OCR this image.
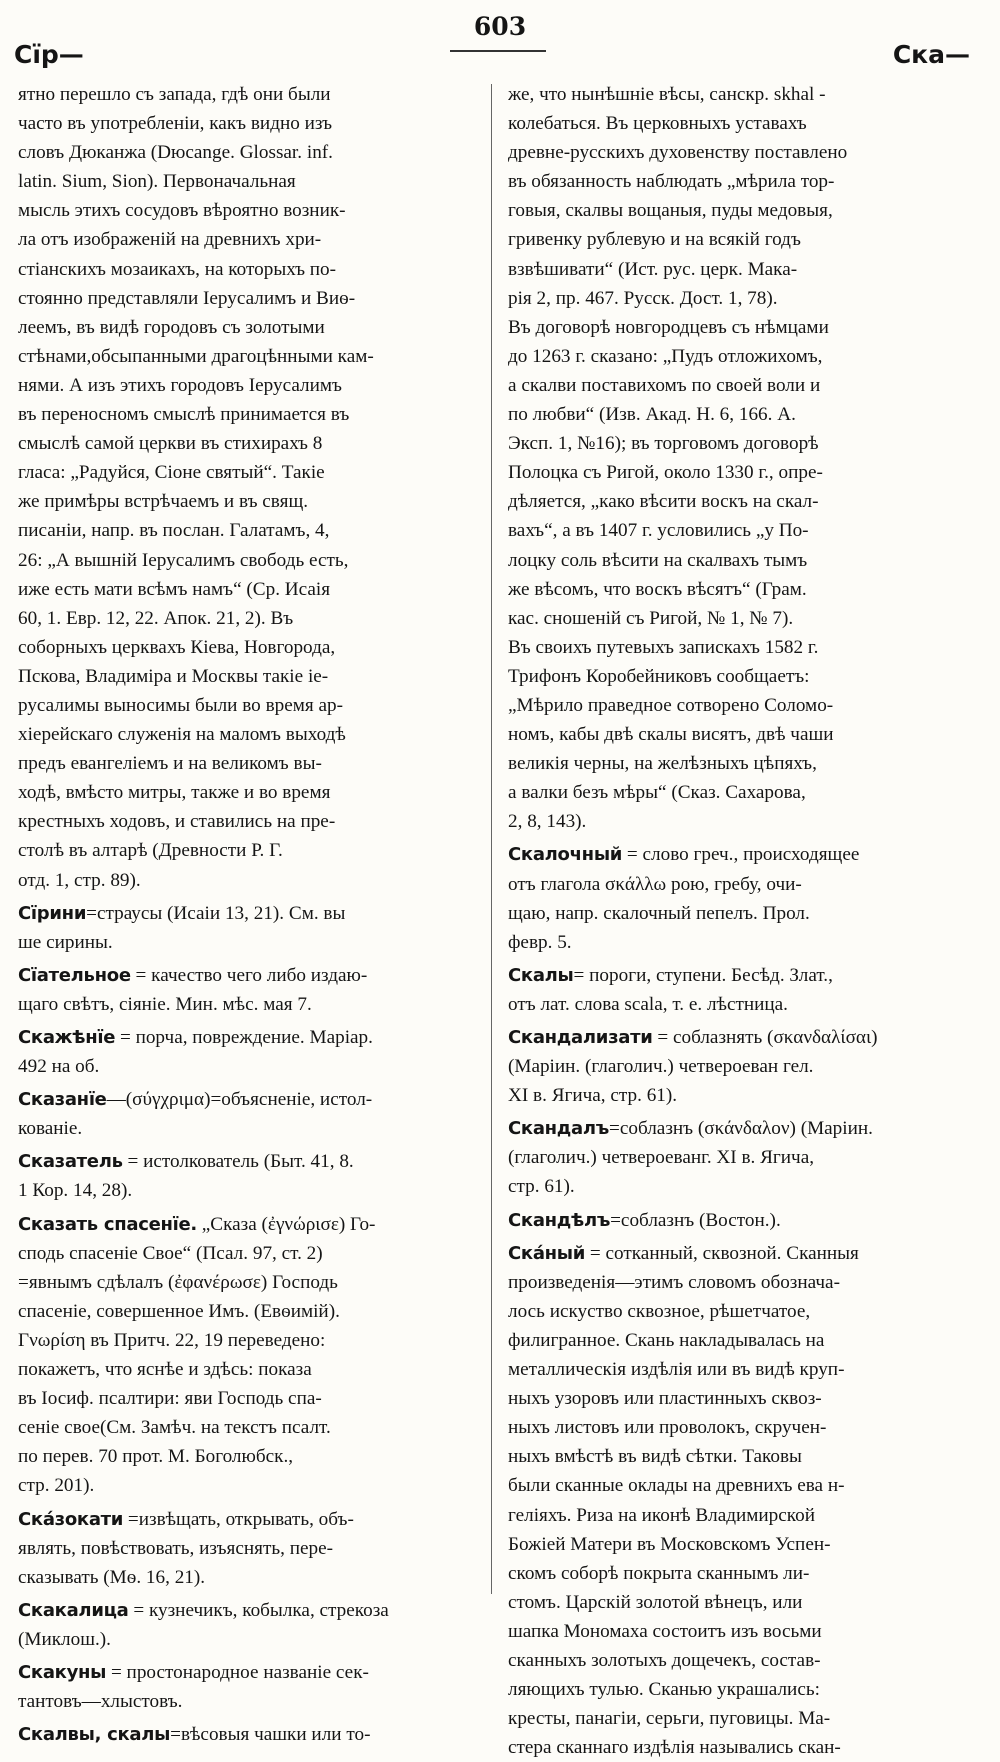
603
Сїр—	Ска—
ятно перешло съ запада, гдѣ они были
часто въ употребленіи, какъ видно изъ
словъ Дюканжа (Dюcange. Glossar. inf.
latin. Sium, Sion). Первоначальная
мысль этихъ сосудовъ вѣроятно возник-
ла отъ изображеній на древнихъ хри-
стіанскихъ мозаикахъ, на которыхъ по-
стоянно представляли Іерусалимъ и Виѳ-
леемъ, въ видѣ городовъ съ золотыми
стѣнами,обсыпанными драгоцѣнными кам-
нями. А изъ этихъ городовъ Іерусалимъ
въ переносномъ смыслѣ принимается въ
смыслѣ самой церкви въ стихирахъ 8
гласа: „Радуйся, Сіоне святый“. Такіе
же примѣры встрѣчаемъ и въ свящ.
писаніи, напр. въ послан. Галатамъ, 4,
26: „А вышній Іерусалимъ свободь есть,
иже есть мати всѣмъ намъ“ (Ср. Исаія
60, 1. Евр. 12, 22. Апок. 21, 2). Въ
соборныхъ церквахъ Кіева, Новгорода,
Пскова, Владиміра и Москвы такіе іе-
русалимы выносимы были во время ар-
хіерейскаго служенія на маломъ выходѣ
предъ евангеліемъ и на великомъ вы-
ходѣ, вмѣсто митры, также и во время
крестныхъ ходовъ, и ставились на пре-
столѣ въ алтарѣ (Древности Р. Г.
отд. 1, стр. 89).
Сїрини=страусы (Исаіи 13, 21). См. вы
ше сирины.
Сїательное = качество чего либо издаю-
щаго свѣтъ, сіяніе. Мин. мѣс. мая 7.
Скажѣнїе = порча, повреждение. Маріар.
492 на об.
Сказанїе—(σύγχριμα)=объясненіе, истол-
кованіе.
Сказатель = истолкователь (Быт. 41, 8.
1 Кор. 14, 28).
Сказать спасенїе. „Сказа (ἐγνώρισε) Го-
сподь спасеніе Свое“ (Псал. 97, ст. 2)
=явнымъ сдѣлалъ (ἐφανέρωσε) Господь
спасеніе, совершенное Имъ. (Евѳимій).
Γνωρίση въ Притч. 22, 19 переведено:
покажетъ, что яснѣе и здѣсь: показа
въ Іосиф. псалтири: яви Господь спа-
сеніе свое(См. Замѣч. на текстъ псалт.
по перев. 70 прот. М. Боголюбск.,
стр. 201).
Скáзокати =извѣщать, открывать, объ-
являть, повѣствовать, изъяснять, пере-
сказывать (Мѳ. 16, 21).
Скакалица = кузнечикъ, кобылка, стрекоза
(Миклош.).
Скакуны = простонародное названіе сек-
тантовъ—хлыстовъ.
Скалвы, скалы=вѣсовыя чашки или то-
же, что нынѣшніе вѣсы, санскр. skhal -
колебаться. Въ церковныхъ уставахъ
древне-русскихъ духовенству поставлено
въ обязанность наблюдать „мѣрила тор-
говыя, скалвы вощаныя, пуды медовыя,
гривенку рублевую и на всякій годъ
взвѣшивати“ (Ист. рус. церк. Мака-
рія 2, пр. 467. Русск. Дост. 1, 78).
Въ договорѣ новгородцевъ съ нѣмцами
до 1263 г. сказано: „Пудъ отложихомъ,
а скалви поставихомъ по своей воли и
по любви“ (Изв. Акад. Н. 6, 166. А.
Эксп. 1, №16); въ торговомъ договорѣ
Полоцка съ Ригой, около 1330 г., опре-
дѣляется, „како вѣсити воскъ на скал-
вахъ“, а въ 1407 г. условились „у По-
лоцку соль вѣсити на скалвахъ тымъ
же вѣсомъ, что воскъ вѣсятъ“ (Грам.
кас. сношеній съ Ригой, № 1, № 7).
Въ своихъ путевыхъ запискахъ 1582 г.
Трифонъ Коробейниковъ сообщаетъ:
„Мѣрило праведное сотворено Соломо-
номъ, кабы двѣ скалы висятъ, двѣ чаши
великія черны, на желѣзныхъ цѣпяхъ,
а валки безъ мѣры“ (Сказ. Сахарова,
2, 8, 143).
Скалочный = слово греч., происходящее
отъ глагола σκάλλω рою, гребу, очи-
щаю, напр. скалочный пепелъ. Прол.
февр. 5.
Скалы= пороги, ступени. Бесѣд. Злат.,
отъ лат. слова scala, т. е. лѣстница.
Скандализати = соблазнять (σκανδαλίσαι)
(Маріин. (глаголич.) четвероеван гел.
XI в. Ягича, стр. 61).
Скандалъ=соблазнъ (σκάνδαλον) (Маріин.
(глаголич.) четвероеванг. XI в. Ягича,
стр. 61).
Скандѣлъ=соблазнъ (Востон.).
Скáный = сотканный, сквозной. Сканныя
произведенія—этимъ словомъ обозначa-
лось искуство сквозное, рѣшетчатое,
филигранное. Скань накладывалась на
металлическія издѣлія или въ видѣ круп-
ныхъ узоровъ или пластинныхъ сквоз-
ныхъ листовъ или проволокъ, скручен-
ныхъ вмѣстѣ въ видѣ сѣтки. Таковы
были сканные оклады на древнихъ ева н-
геліяхъ. Риза на иконѣ Владимирской
Божіей Матери въ Московскомъ Успен-
скомъ соборѣ покрыта сканнымъ ли-
стомъ. Царскій золотой вѣнецъ, или
шапка Мономаха состоитъ изъ восьми
сканныхъ золотыхъ дощечекъ, состав-
ляющихъ тулью. Сканью украшались:
кресты, панагіи, серьги, пуговицы. Ма-
стера сканнаго издѣлія назывались скан-
